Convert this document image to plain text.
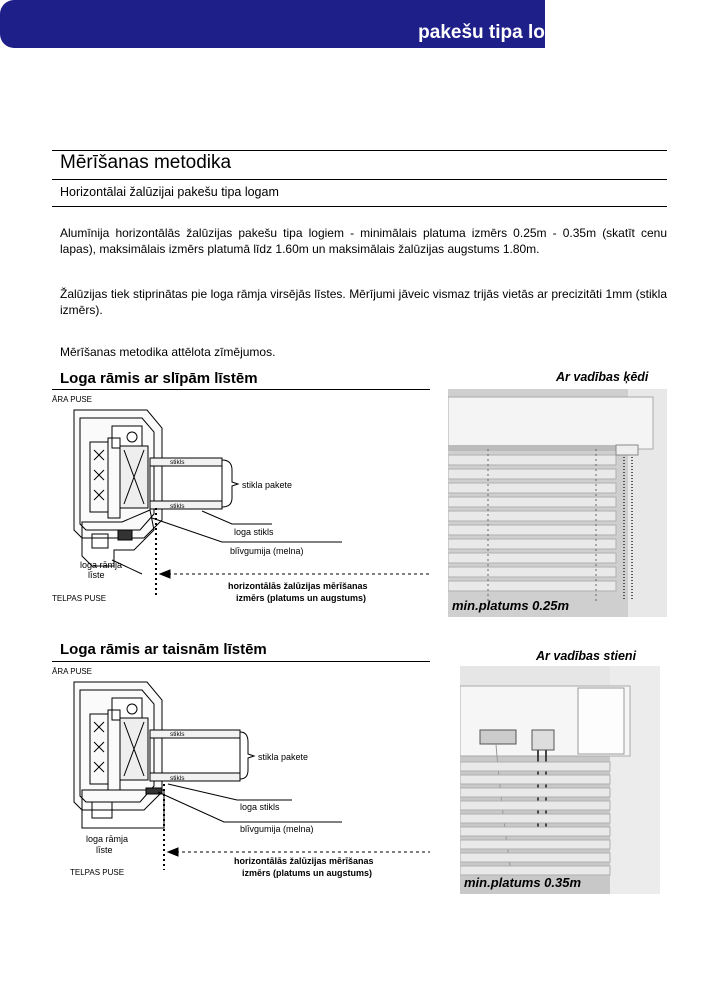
Horizontālā
pakešu tipa logiem (AR ĶĒDES
Mērīšanas metodika
Horizontālai žalūzijai pakešu tipa logam
Alumīnija horizontālās žalūzijas pakešu tipa logiem - minimālais platuma izmērs 0.25m - 0.35m (skatīt cenu lapas), maksimālais izmērs platumā līdz 1.60m un maksimālais žalūzijas augstums 1.80m.
Žalūzijas tiek stiprinātas pie loga rāmja virsējās līstes. Mērījumi jāveic vismaz trijās vietās ar precizitāti 1mm (stikla izmērs).
Mērīšanas metodika attēlota zīmējumos.
Loga rāmis ar slīpām līstēm
ĀRA PUSE
stikls
stikls
stikla pakete
loga stikls
blīvgumija (melna)
loga rāmja
līste
horizontālās žalūzijas mērīšanas
izmērs (platums un augstums)
TELPAS PUSE
Ar vadības ķēdi
min.platums 0.25m
Loga rāmis ar taisnām līstēm
ĀRA PUSE
stikls
stikls
stikla pakete
loga stikls
blīvgumija (melna)
loga rāmja
līste
horizontālās žalūzijas mērīšanas
izmērs (platums un augstums)
TELPAS PUSE
Ar vadības stieni
min.platums 0.35m
